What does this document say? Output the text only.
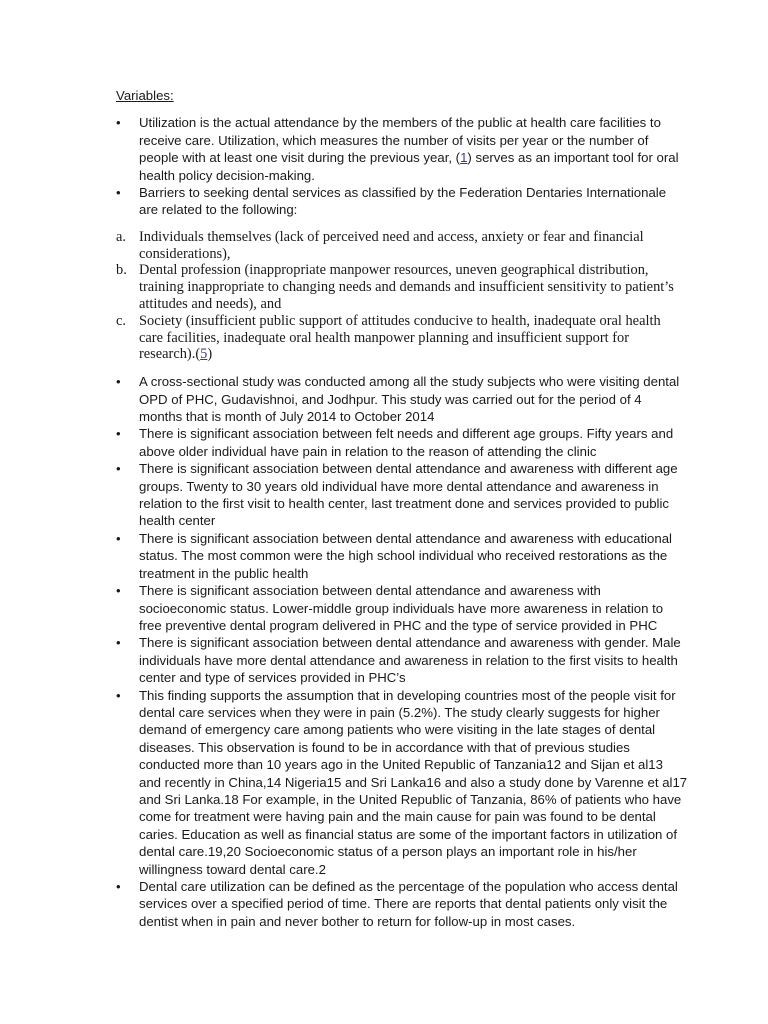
Variables:
•	Utilization is the actual attendance by the members of the public at health care facilities to receive care. Utilization, which measures the number of visits per year or the number of people with at least one visit during the previous year, (1) serves as an important tool for oral health policy decision-making.
•	Barriers to seeking dental services as classified by the Federation Dentaries Internationale are related to the following:
a. Individuals themselves (lack of perceived need and access, anxiety or fear and financial considerations),
b. Dental profession (inappropriate manpower resources, uneven geographical distribution, training inappropriate to changing needs and demands and insufficient sensitivity to patient’s attitudes and needs), and
c. Society (insufficient public support of attitudes conducive to health, inadequate oral health care facilities, inadequate oral health manpower planning and insufficient support for research).(5)
•	A cross-sectional study was conducted among all the study subjects who were visiting dental OPD of PHC, Gudavishnoi, and Jodhpur. This study was carried out for the period of 4 months that is month of July 2014 to October 2014
•	There is significant association between felt needs and different age groups. Fifty years and above older individual have pain in relation to the reason of attending the clinic
•	There is significant association between dental attendance and awareness with different age groups. Twenty to 30 years old individual have more dental attendance and awareness in relation to the first visit to health center, last treatment done and services provided to public health center
•	There is significant association between dental attendance and awareness with educational status. The most common were the high school individual who received restorations as the treatment in the public health
•	There is significant association between dental attendance and awareness with socioeconomic status. Lower-middle group individuals have more awareness in relation to free preventive dental program delivered in PHC and the type of service provided in PHC
•	There is significant association between dental attendance and awareness with gender. Male individuals have more dental attendance and awareness in relation to the first visits to health center and type of services provided in PHC’s
•	This finding supports the assumption that in developing countries most of the people visit for dental care services when they were in pain (5.2%). The study clearly suggests for higher demand of emergency care among patients who were visiting in the late stages of dental diseases. This observation is found to be in accordance with that of previous studies conducted more than 10 years ago in the United Republic of Tanzania12 and Sijan et al13 and recently in China,14 Nigeria15 and Sri Lanka16 and also a study done by Varenne et al17 and Sri Lanka.18 For example, in the United Republic of Tanzania, 86% of patients who have come for treatment were having pain and the main cause for pain was found to be dental caries. Education as well as financial status are some of the important factors in utilization of dental care.19,20 Socioeconomic status of a person plays an important role in his/her willingness toward dental care.2
•	Dental care utilization can be defined as the percentage of the population who access dental services over a specified period of time. There are reports that dental patients only visit the dentist when in pain and never bother to return for follow-up in most cases.
